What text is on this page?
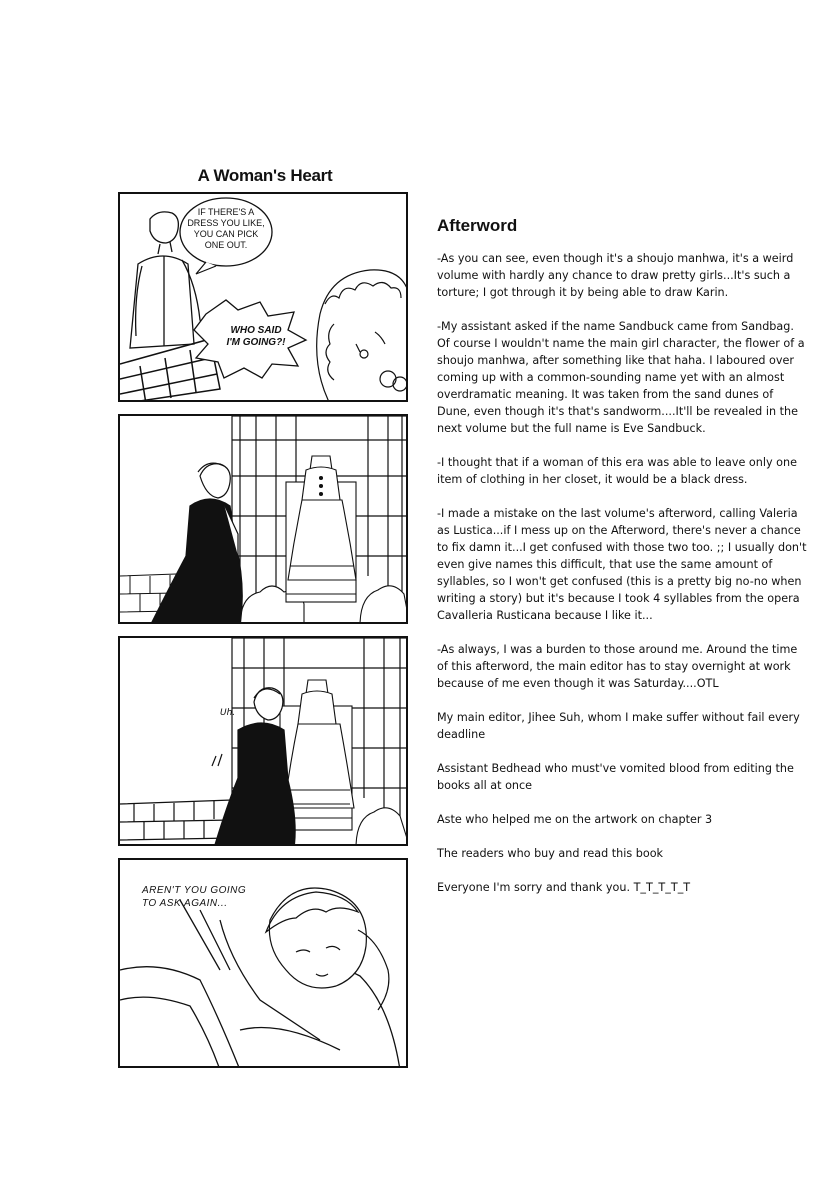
A Woman's Heart
IF THERE'S A DRESS YOU LIKE, YOU CAN PICK ONE OUT.
WHO SAID I'M GOING?!
Uh.
AREN'T YOU GOING TO ASK AGAIN...
Afterword

-As you can see, even though it's a shoujo manhwa, it's a weird volume with hardly any chance to draw pretty girls...It's such a torture; I got through it by being able to draw Karin.

-My assistant asked if the name Sandbuck came from Sandbag. Of course I wouldn't name the main girl character, the flower of a shoujo manhwa, after something like that haha. I laboured over coming up with a common-sounding name yet with an almost overdramatic meaning. It was taken from the sand dunes of Dune, even though it's that's sandworm....It'll be revealed in the next volume but the full name is Eve Sandbuck.

-I thought that if a woman of this era was able to leave only one item of clothing in her closet, it would be a black dress.

-I made a mistake on the last volume's afterword, calling Valeria as Lustica...if I mess up on the Afterword, there's never a chance to fix damn it...I get confused with those two too. ;; I usually don't even give names this difficult, that use the same amount of syllables, so I won't get confused (this is a pretty big no-no when writing a story) but it's because I took 4 syllables from the opera Cavalleria Rusticana because I like it...

-As always, I was a burden to those around me. Around the time of this afterword, the main editor has to stay overnight at work because of me even though it was Saturday....OTL

My main editor, Jihee Suh, whom I make suffer without fail every deadline

Assistant Bedhead who must've vomited blood from editing the books all at once

Aste who helped me on the artwork on chapter 3

The readers who buy and read this book

Everyone I'm sorry and thank you. T_T_T_T_T
